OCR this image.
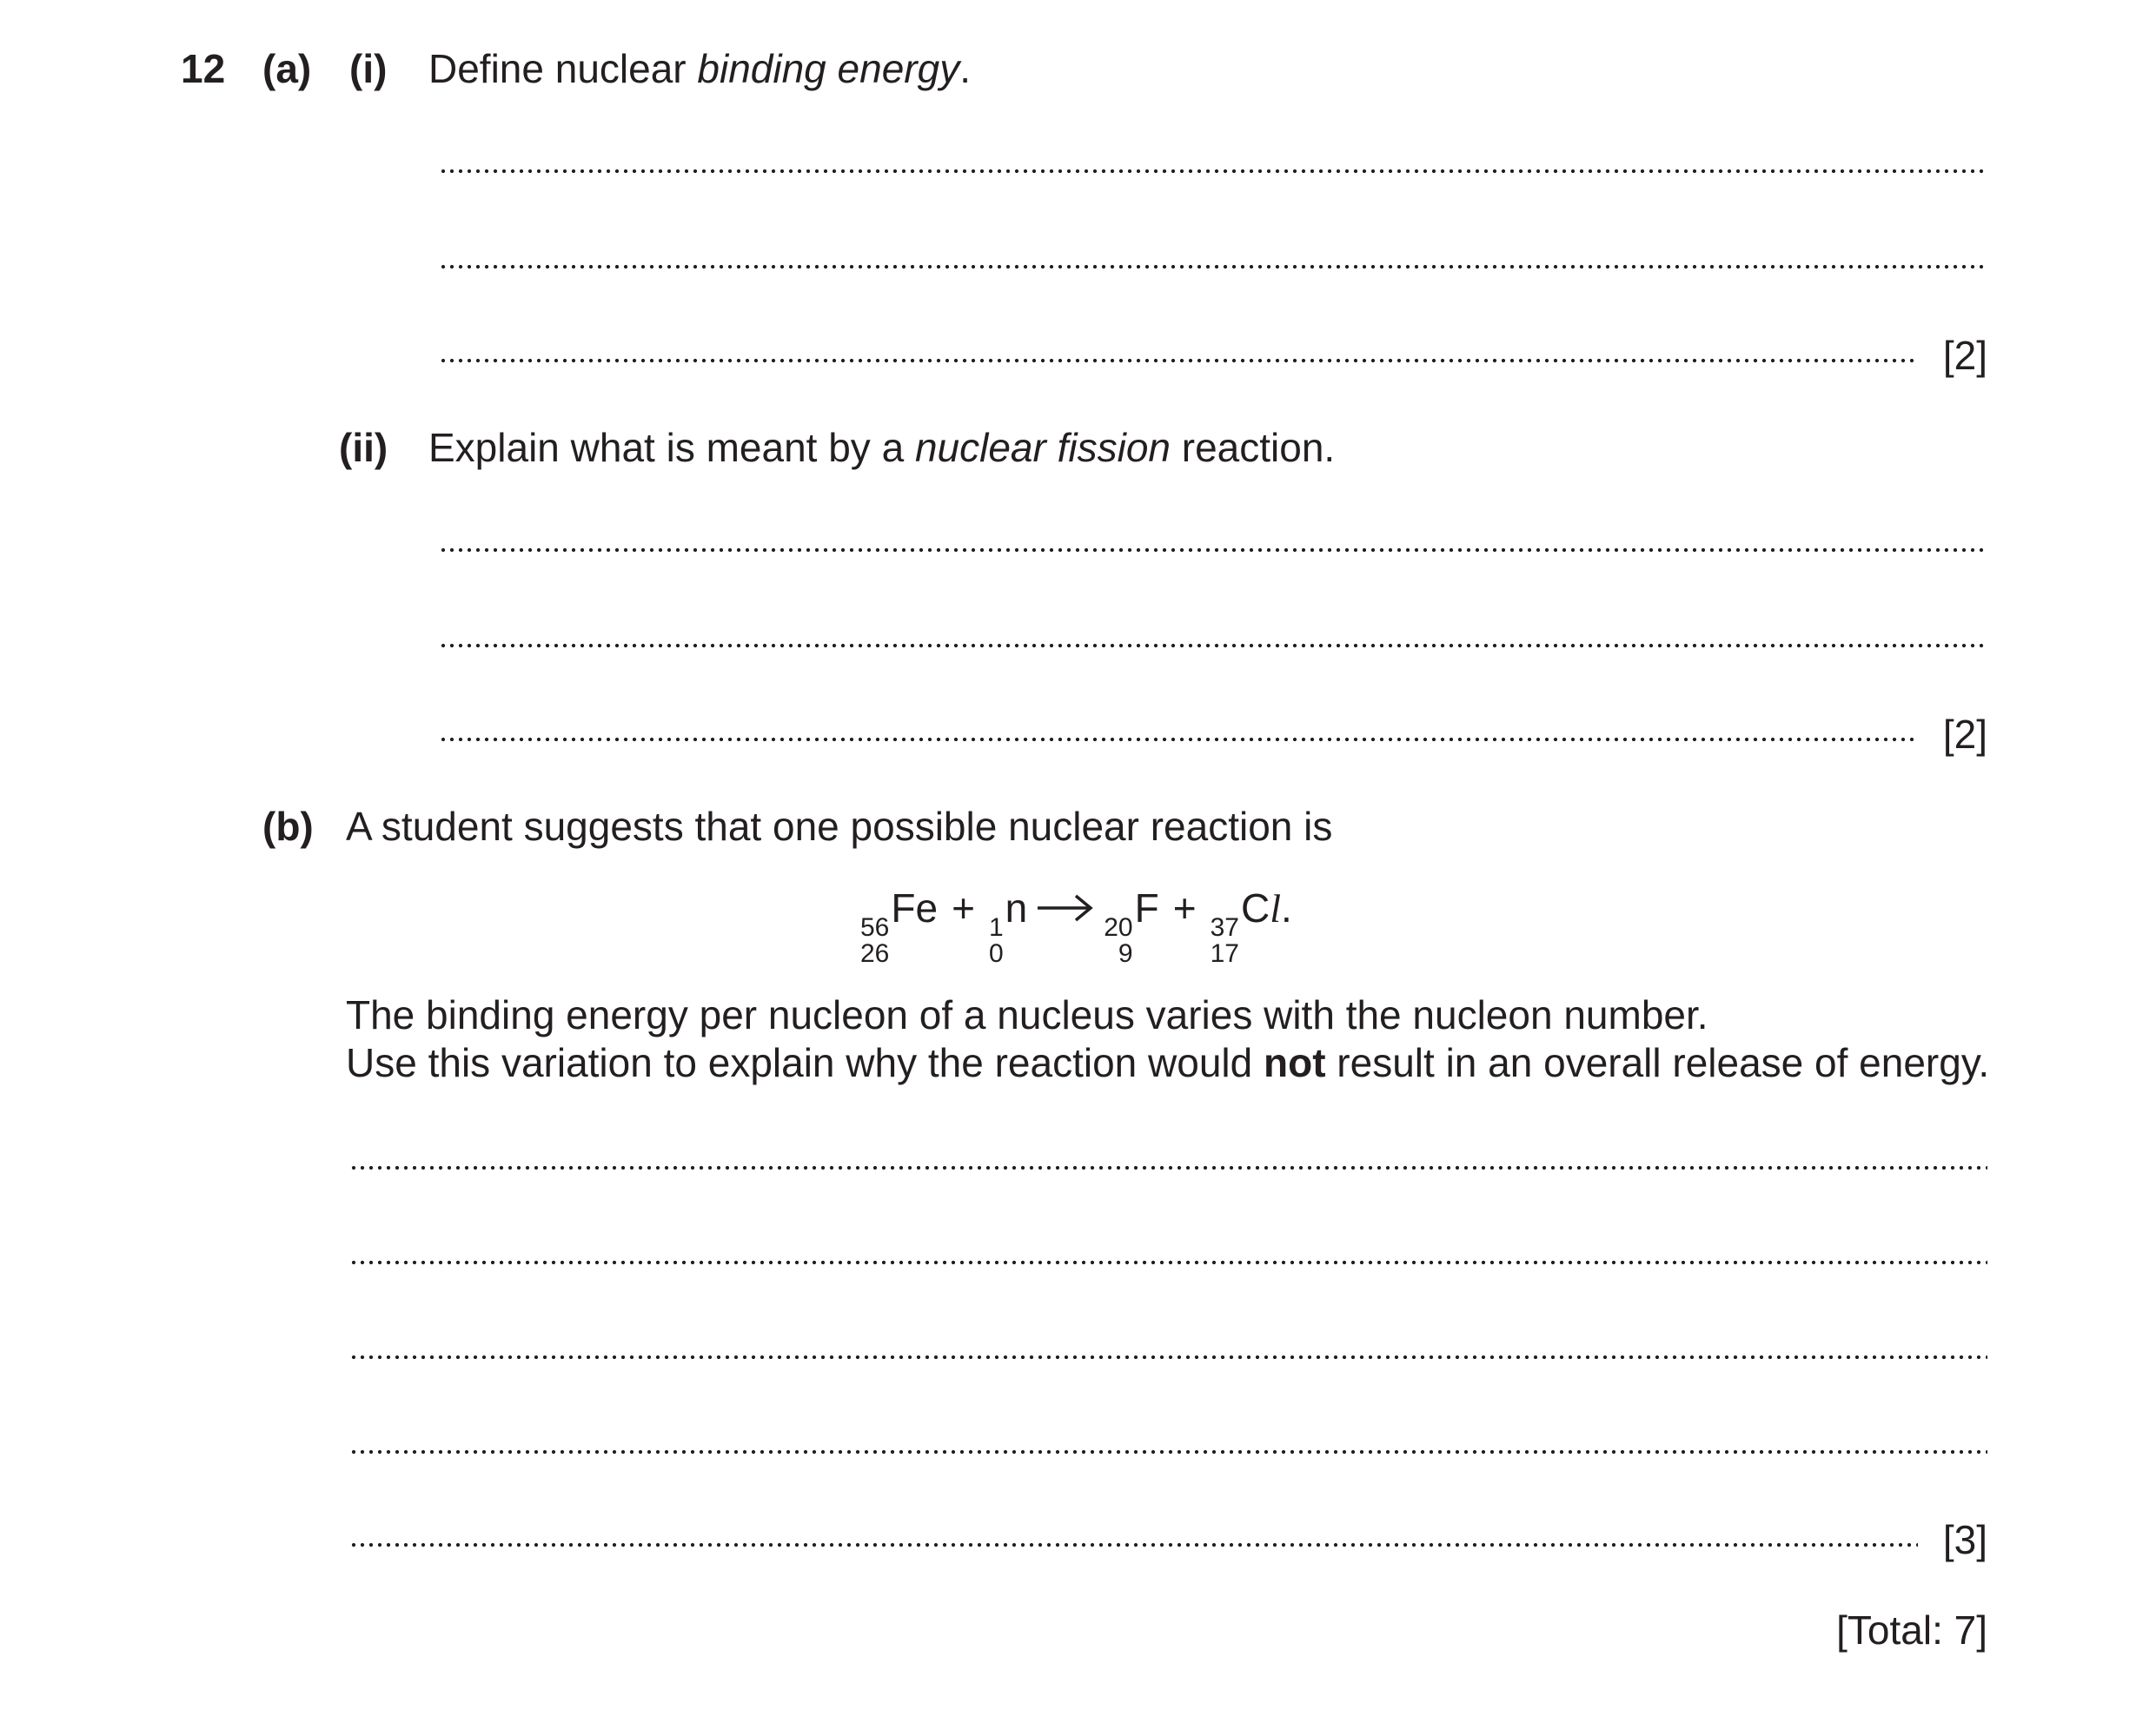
12 (a) (i) Define nuclear binding energy.
[2]
(ii) Explain what is meant by a nuclear fission reaction.
[2]
(b) A student suggests that one possible nuclear reaction is
56
26
Fe + 1
0
n →
20
9
F + 37
17
Cl.
The binding energy per nucleon of a nucleus varies with the nucleon number.
Use this variation to explain why the reaction would not result in an overall release of energy.
[3]
[Total: 7]
